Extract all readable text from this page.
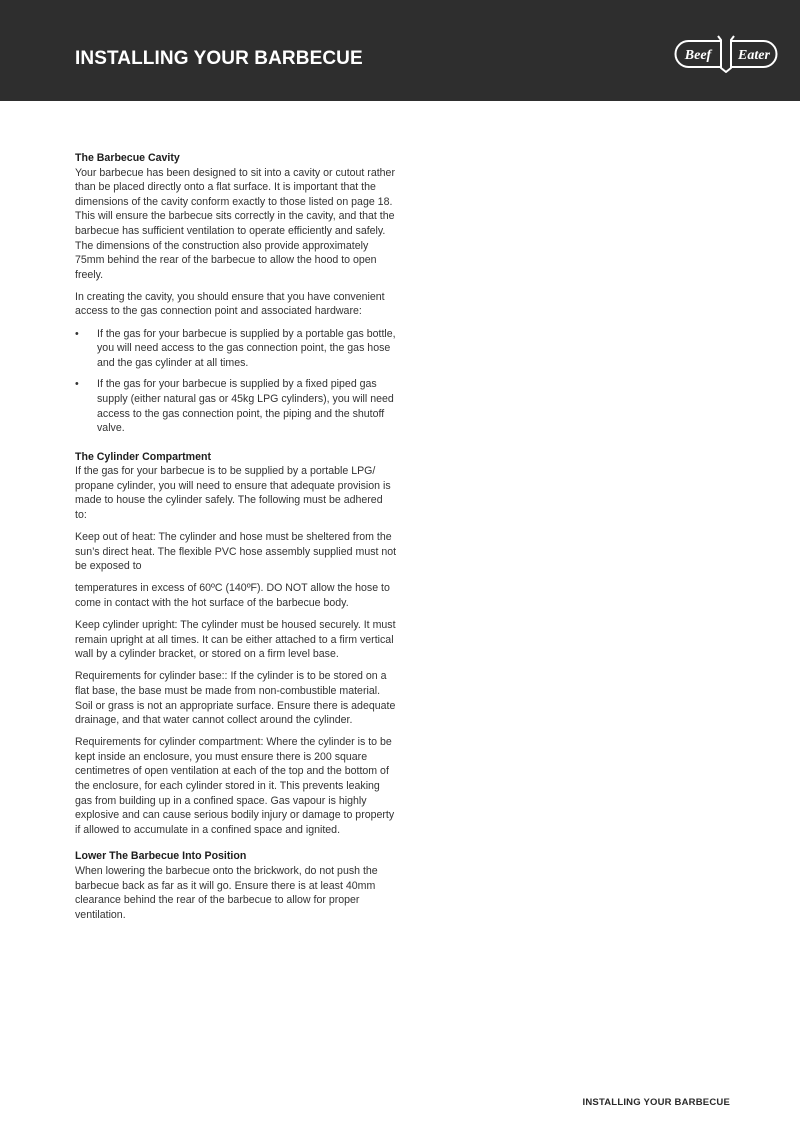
INSTALLING YOUR BARBECUE	Beef Eater
The Barbecue Cavity

Your barbecue has been designed to sit into a cavity or cutout rather than be placed directly onto a flat surface. It is important that the dimensions of the cavity conform exactly to those listed on page 18. This will ensure the barbecue sits correctly in the cavity, and that the barbecue has sufficient ventilation to operate efficiently and safely. The dimensions of the construction also provide approximately 75mm behind the rear of the barbecue to allow the hood to open freely.

In creating the cavity, you should ensure that you have convenient access to the gas connection point and associated hardware:

• If the gas for your barbecue is supplied by a portable gas bottle, you will need access to the gas connection point, the gas hose and the gas cylinder at all times.
• If the gas for your barbecue is supplied by a fixed piped gas supply (either natural gas or 45kg LPG cylinders), you will need access to the gas connection point, the piping and the shutoff valve.
The Cylinder Compartment

If the gas for your barbecue is to be supplied by a portable LPG/ propane cylinder, you will need to ensure that adequate provision is made to house the cylinder safely. The following must be adhered to:

Keep out of heat: The cylinder and hose must be sheltered from the sun’s direct heat. The flexible PVC hose assembly supplied must not be exposed to

temperatures in excess of 60ºC (140ºF). DO NOT allow the hose to come in contact with the hot surface of the barbecue body.

Keep cylinder upright: The cylinder must be housed securely. It must remain upright at all times. It can be either attached to a firm vertical wall by a cylinder bracket, or stored on a firm level base.

Requirements for cylinder base:: If the cylinder is to be stored on a flat base, the base must be made from non-combustible material. Soil or grass is not an appropriate surface. Ensure there is adequate drainage, and that water cannot collect around the cylinder.

Requirements for cylinder compartment: Where the cylinder is to be kept inside an enclosure, you must ensure there is 200 square centimetres of open ventilation at each of the top and the bottom of the enclosure, for each cylinder stored in it. This prevents leaking gas from building up in a confined space. Gas vapour is highly explosive and can cause serious bodily injury or damage to property if allowed to accumulate in a confined space and ignited.

Lower The Barbecue Into Position

When lowering the barbecue onto the brickwork, do not push the barbecue back as far as it will go. Ensure there is at least 40mm clearance behind the rear of the barbecue to allow for proper ventilation.

INSTALLING YOUR BARBECUE
